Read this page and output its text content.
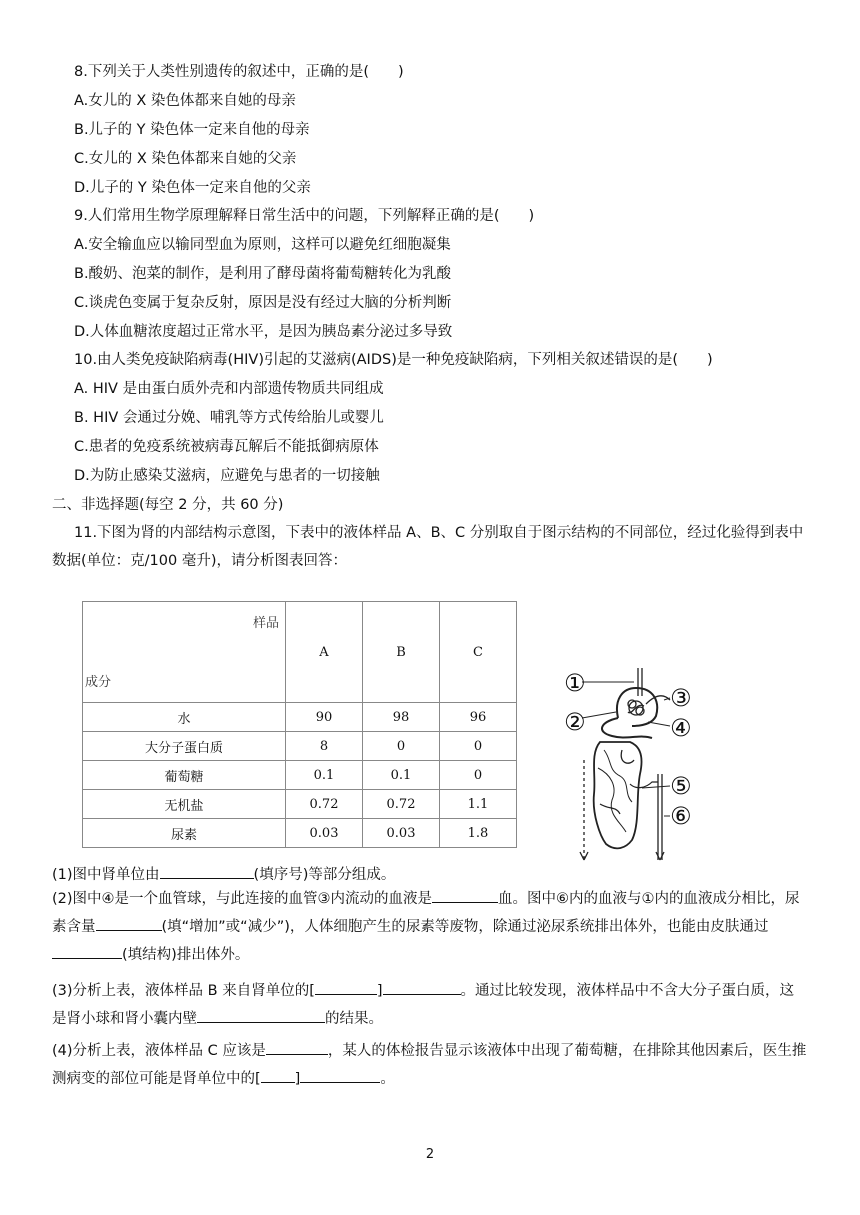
8.下列关于人类性别遗传的叙述中，正确的是(　　)
A.女儿的 X 染色体都来自她的母亲
B.儿子的 Y 染色体一定来自他的母亲
C.女儿的 X 染色体都来自她的父亲
D.儿子的 Y 染色体一定来自他的父亲
9.人们常用生物学原理解释日常生活中的问题，下列解释正确的是(　　)
A.安全输血应以输同型血为原则，这样可以避免红细胞凝集
B.酸奶、泡菜的制作，是利用了酵母菌将葡萄糖转化为乳酸
C.谈虎色变属于复杂反射，原因是没有经过大脑的分析判断
D.人体血糖浓度超过正常水平，是因为胰岛素分泌过多导致
10.由人类免疫缺陷病毒(HIV)引起的艾滋病(AIDS)是一种免疫缺陷病，下列相关叙述错误的是(　　)
A. HIV 是由蛋白质外壳和内部遗传物质共同组成
B. HIV 会通过分娩、哺乳等方式传给胎儿或婴儿
C.患者的免疫系统被病毒瓦解后不能抵御病原体
D.为防止感染艾滋病，应避免与患者的一切接触
二、非选择题(每空 2 分，共 60 分)
11.下图为肾的内部结构示意图，下表中的液体样品 A、B、C 分别取自于图示结构的不同部位，经过化验得到表中数据(单位：克/100 毫升)，请分析图表回答：
样品
成分	A	B	C
水	90	98	96
大分子蛋白质	8	0	0
葡萄糖	0.1	0.1	0
无机盐	0.72	0.72	1.1
尿素	0.03	0.03	1.8
①
②
③
④
⑤
⑥
(1)图中肾单位由	(填序号)等部分组成。
(2)图中④是一个血管球，与此连接的血管③内流动的血液是	血。图中⑥内的血液与①内的血液成分相比，尿素含量	(填“增加”或“减少”)，人体细胞产生的尿素等废物，除通过泌尿系统排出体外，也能由皮肤通过(填结构)排出体外。
(3)分析上表，液体样品 B 来自肾单位的[	]	。通过比较发现，液体样品中不含大分子蛋白质，这是肾小球和肾小囊内壁	的结果。
(4)分析上表，液体样品 C 应该是	，某人的体检报告显示该液体中出现了葡萄糖，在排除其他因素后，医生推测病变的部位可能是肾单位中的[ ]	。
2
